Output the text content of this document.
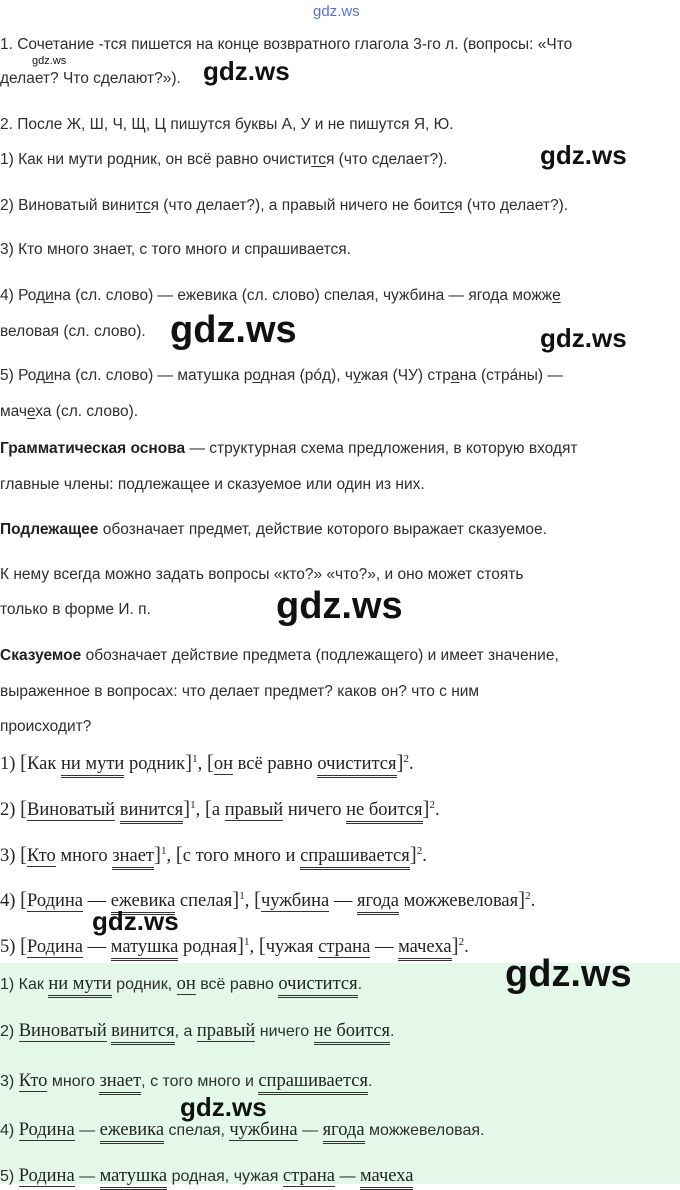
gdz.ws
gdz.ws
1. Сочетание -тся пишется на конце возвратного глагола 3-го л. (вопросы: «Что
делает? Что сделают?»). gdz.ws
2. После Ж, Ш, Ч, Щ, Ц пишутся буквы А, У и не пишутся Я, Ю.
1) Как ни мути родник, он всё равно очистится (что сделает?).	gdz.ws
2) Виноватый винится (что делает?), а правый ничего не боится (что делает?).
3) Кто много знает, с того много и спрашивается.
4) Родина (сл. слово) — ежевика (сл. слово) спелая, чужбина — ягода можже
веловая (сл. слово). gdz.ws	gdz.ws
5) Родина (сл. слово) — матушка родная (рóд), чужая (ЧУ) страна (стрáны) —
мачеха (сл. слово).
Грамматическая основа — структурная схема предложения, в которую входят
главные члены: подлежащее и сказуемое или один из них.
Подлежащее обозначает предмет, действие которого выражает сказуемое.
К нему всегда можно задать вопросы «кто?» «что?», и оно может стоять
только в форме И. п.	gdz.ws
Сказуемое обозначает действие предмета (подлежащего) и имеет значение,
выраженное в вопросах: что делает предмет? каков он? что с ним
происходит?
1) [Как ни мути родник]$^1$, [он всё равно очистится]$^2$.
2) [Виноватый винится]$^1$, [а правый ничего не боится]$^2$.
3) [Кто много знает]$^1$, [с того много и спрашивается]$^2$.
4) [Родина — ежевика спелая]$^1$, [чужбина — ягода можжевеловая]$^2$.
gdz.ws
5) [Родина — матушка родная]$^1$, [чужая страна — мачеха]$^2$.
gdz.ws
1) Как ни мути родник, он всё равно очистится.
2) Виноватый винится, а правый ничего не боится.
3) Кто много знает, с того много и спрашивается.
gdz.ws
4) Родина — ежевика спелая, чужбина — ягода можжевеловая.
5) Родина — матушка родная, чужая страна — мачеха
